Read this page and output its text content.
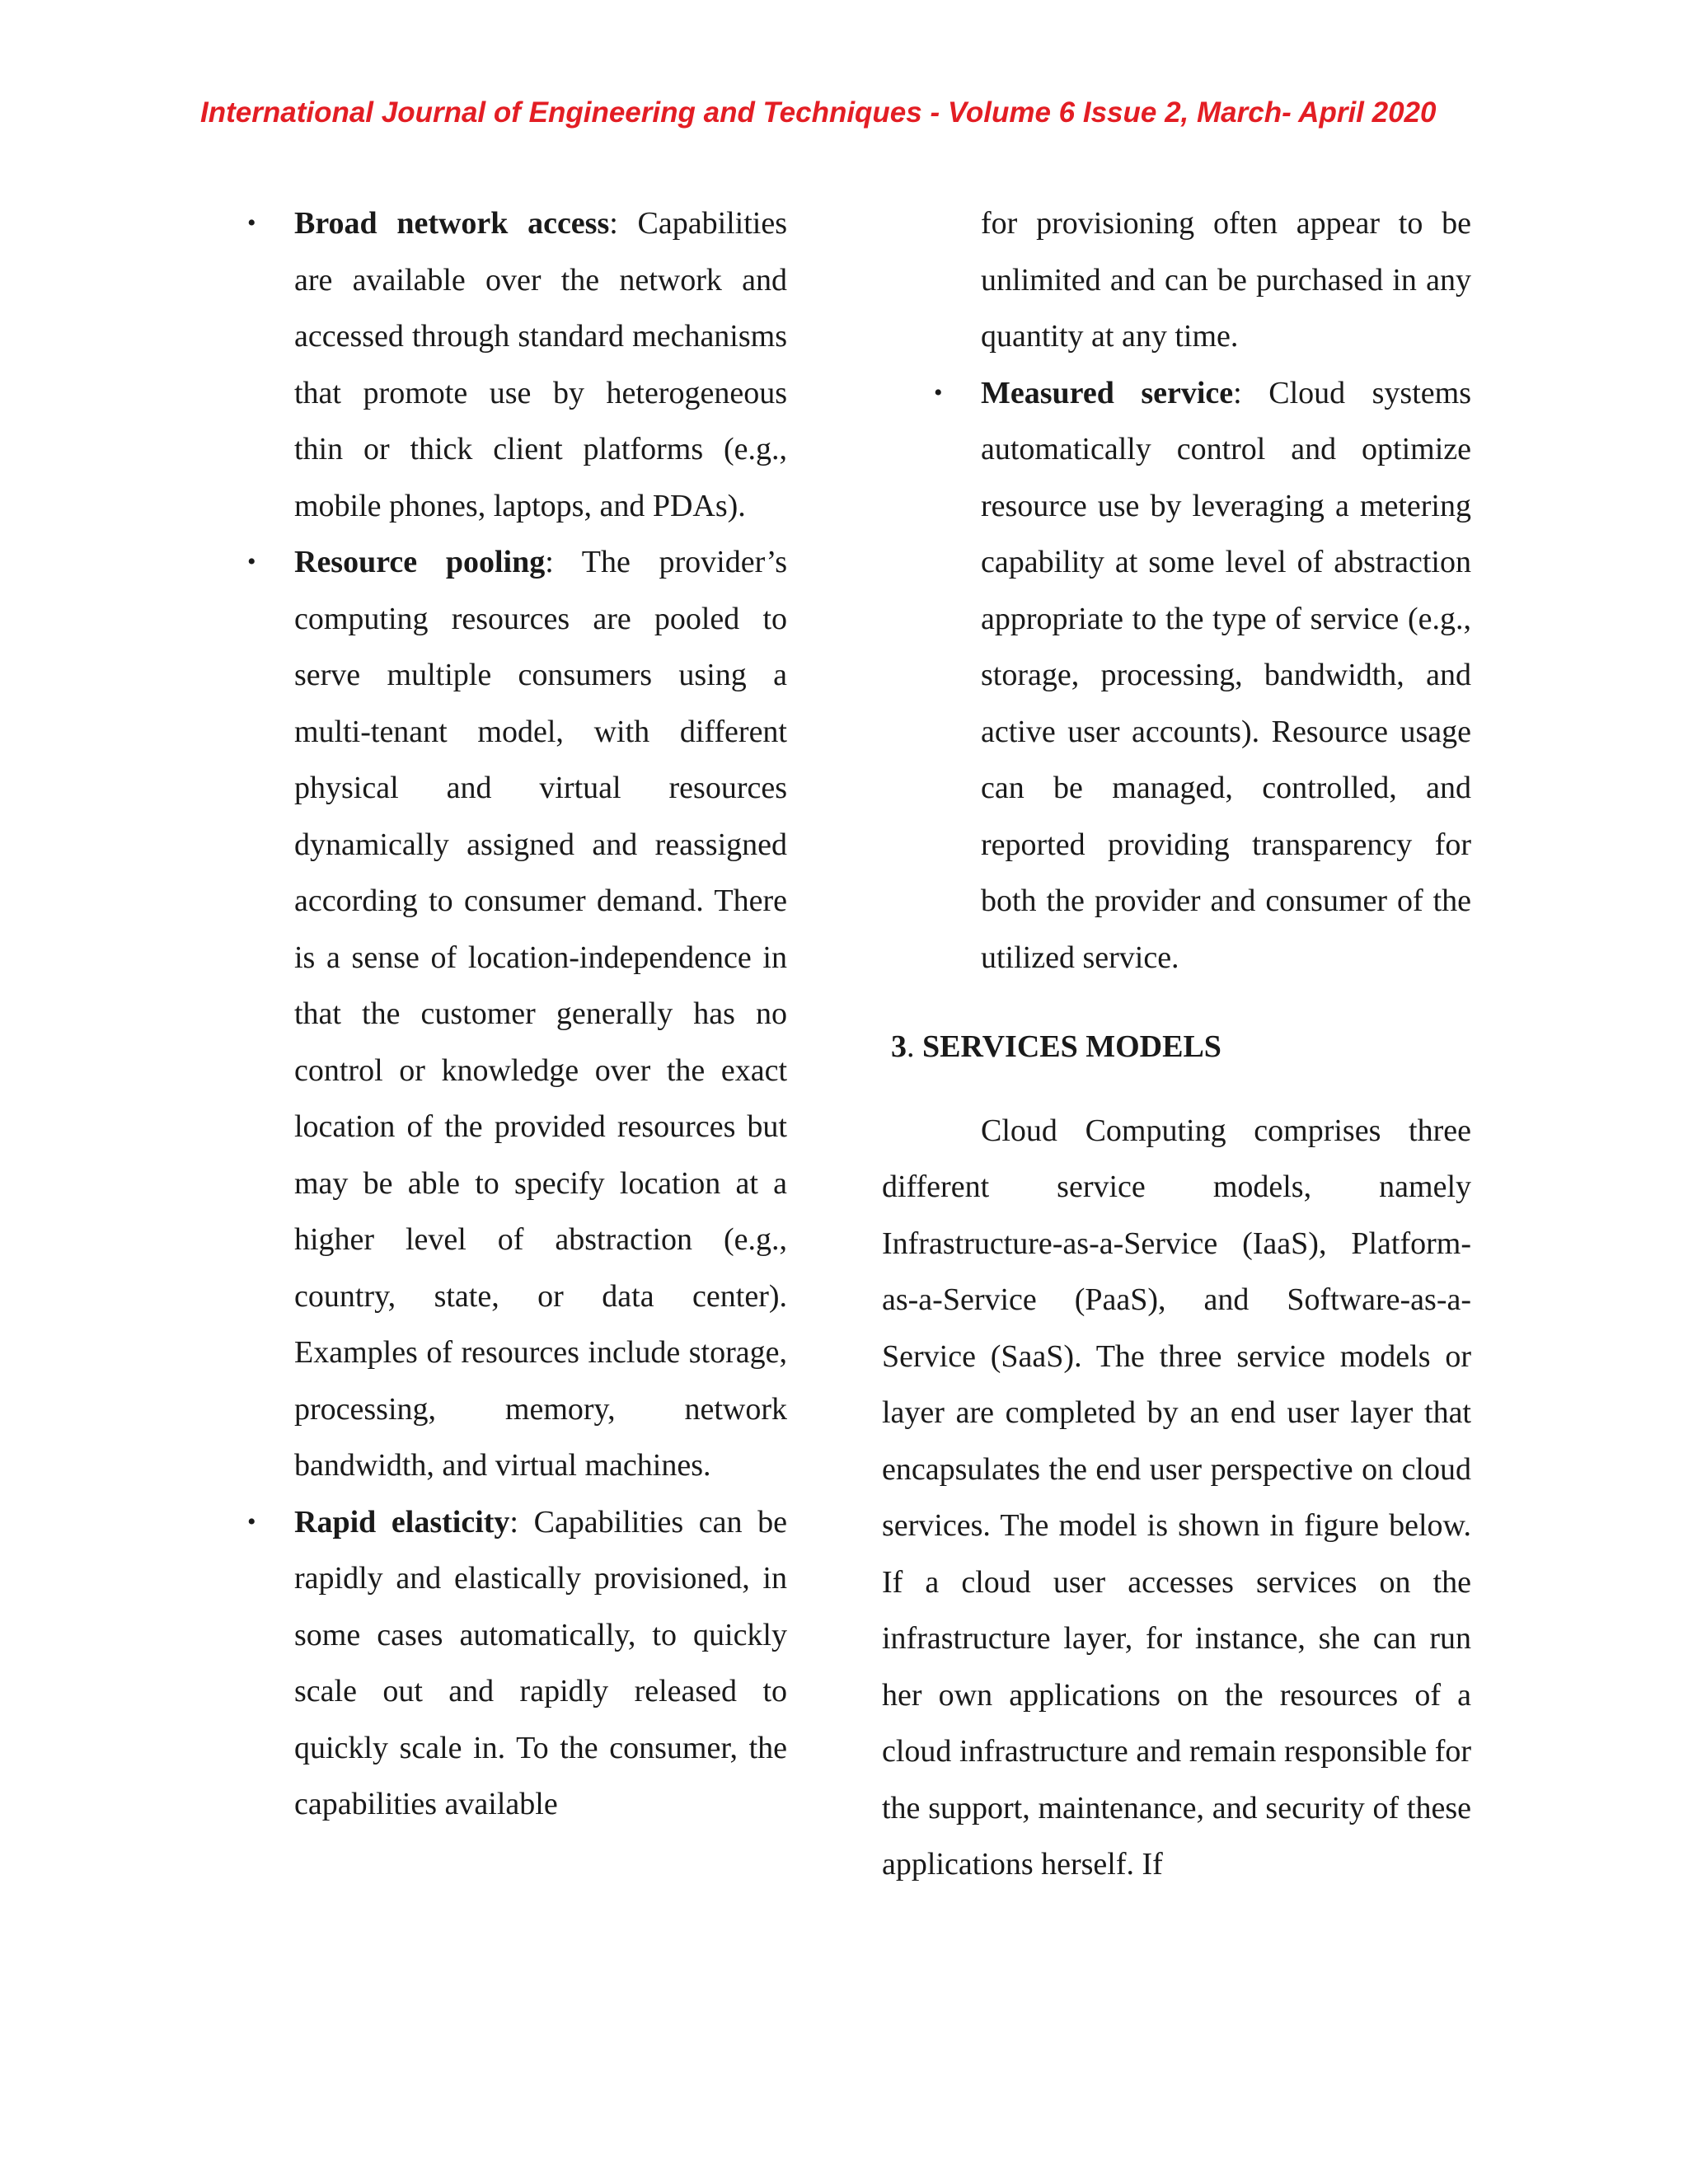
International Journal of Engineering and Techniques - Volume 6 Issue 2, March- April 2020
• Broad network access: Capabilities are available over the network and accessed through standard mechanisms that promote use by heterogeneous thin or thick client platforms (e.g., mobile phones, laptops, and PDAs).
• Resource pooling: The provider’s computing resources are pooled to serve multiple consumers using a multi-tenant model, with different physical and virtual resources dynamically assigned and reassigned according to consumer demand. There is a sense of location-independence in that the customer generally has no control or knowledge over the exact location of the provided resources but may be able to specify location at a higher level of abstraction (e.g., country, state, or data center). Examples of resources include storage, processing, memory, network bandwidth, and virtual machines.
• Rapid elasticity: Capabilities can be rapidly and elastically provisioned, in some cases automatically, to quickly scale out and rapidly released to quickly scale in. To the consumer, the capabilities available
for provisioning often appear to be unlimited and can be purchased in any quantity at any time.
• Measured service: Cloud systems automatically control and optimize resource use by leveraging a metering capability at some level of abstraction appropriate to the type of service (e.g., storage, processing, bandwidth, and active user accounts). Resource usage can be managed, controlled, and reported providing transparency for both the provider and consumer of the utilized service.
3. SERVICES MODELS
Cloud Computing comprises three different service models, namely Infrastructure-as-a-Service (IaaS), Platform-as-a-Service (PaaS), and Software-as-a-Service (SaaS). The three service models or layer are completed by an end user layer that encapsulates the end user perspective on cloud services. The model is shown in figure below. If a cloud user accesses services on the infrastructure layer, for instance, she can run her own applications on the resources of a cloud infrastructure and remain responsible for the support, maintenance, and security of these applications herself. If
